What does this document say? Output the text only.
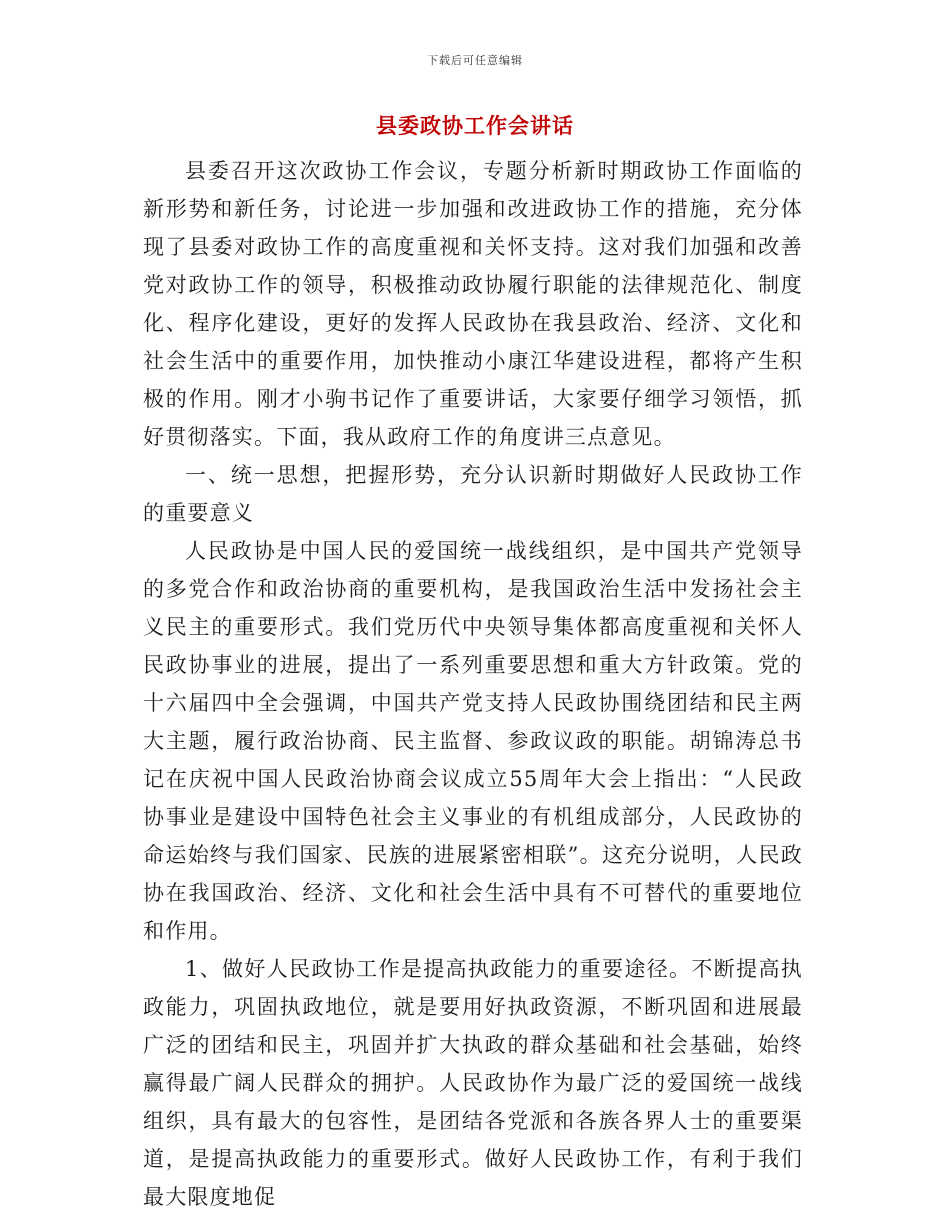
下载后可任意编辑
县委政协工作会讲话

县委召开这次政协工作会议，专题分析新时期政协工作面临的新形势和新任务，讨论进一步加强和改进政协工作的措施，充分体现了县委对政协工作的高度重视和关怀支持。这对我们加强和改善党对政协工作的领导，积极推动政协履行职能的法律规范化、制度化、程序化建设，更好的发挥人民政协在我县政治、经济、文化和社会生活中的重要作用，加快推动小康江华建设进程，都将产生积极的作用。刚才小驹书记作了重要讲话，大家要仔细学习领悟，抓好贯彻落实。下面，我从政府工作的角度讲三点意见。

一、统一思想，把握形势，充分认识新时期做好人民政协工作的重要意义

人民政协是中国人民的爱国统一战线组织，是中国共产党领导的多党合作和政治协商的重要机构，是我国政治生活中发扬社会主义民主的重要形式。我们党历代中央领导集体都高度重视和关怀人民政协事业的进展，提出了一系列重要思想和重大方针政策。党的十六届四中全会强调，中国共产党支持人民政协围绕团结和民主两大主题，履行政治协商、民主监督、参政议政的职能。胡锦涛总书记在庆祝中国人民政治协商会议成立55周年大会上指出：“人民政协事业是建设中国特色社会主义事业的有机组成部分，人民政协的命运始终与我们国家、民族的进展紧密相联”。这充分说明，人民政协在我国政治、经济、文化和社会生活中具有不可替代的重要地位和作用。

1、做好人民政协工作是提高执政能力的重要途径。不断提高执政能力，巩固执政地位，就是要用好执政资源，不断巩固和进展最广泛的团结和民主，巩固并扩大执政的群众基础和社会基础，始终赢得最广阔人民群众的拥护。人民政协作为最广泛的爱国统一战线组织，具有最大的包容性，是团结各党派和各族各界人士的重要渠道，是提高执政能力的重要形式。做好人民政协工作，有利于我们最大限度地促
